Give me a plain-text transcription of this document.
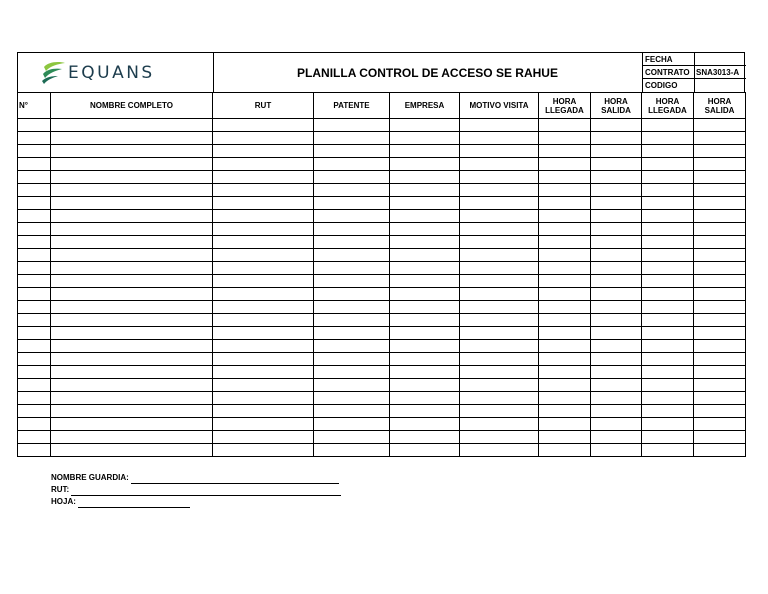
EQUANS	PLANILLA CONTROL DE ACCESO SE RAHUE
FECHA
CONTRATO SNA3013-A
CODIGO
N°	NOMBRE COMPLETO	RUT	PATENTE	EMPRESA	MOTIVO VISITA	HORA LLEGADA	HORA SALIDA	HORA LLEGADA	HORA SALIDA

NOMBRE GUARDIA:
RUT:
HOJA:
